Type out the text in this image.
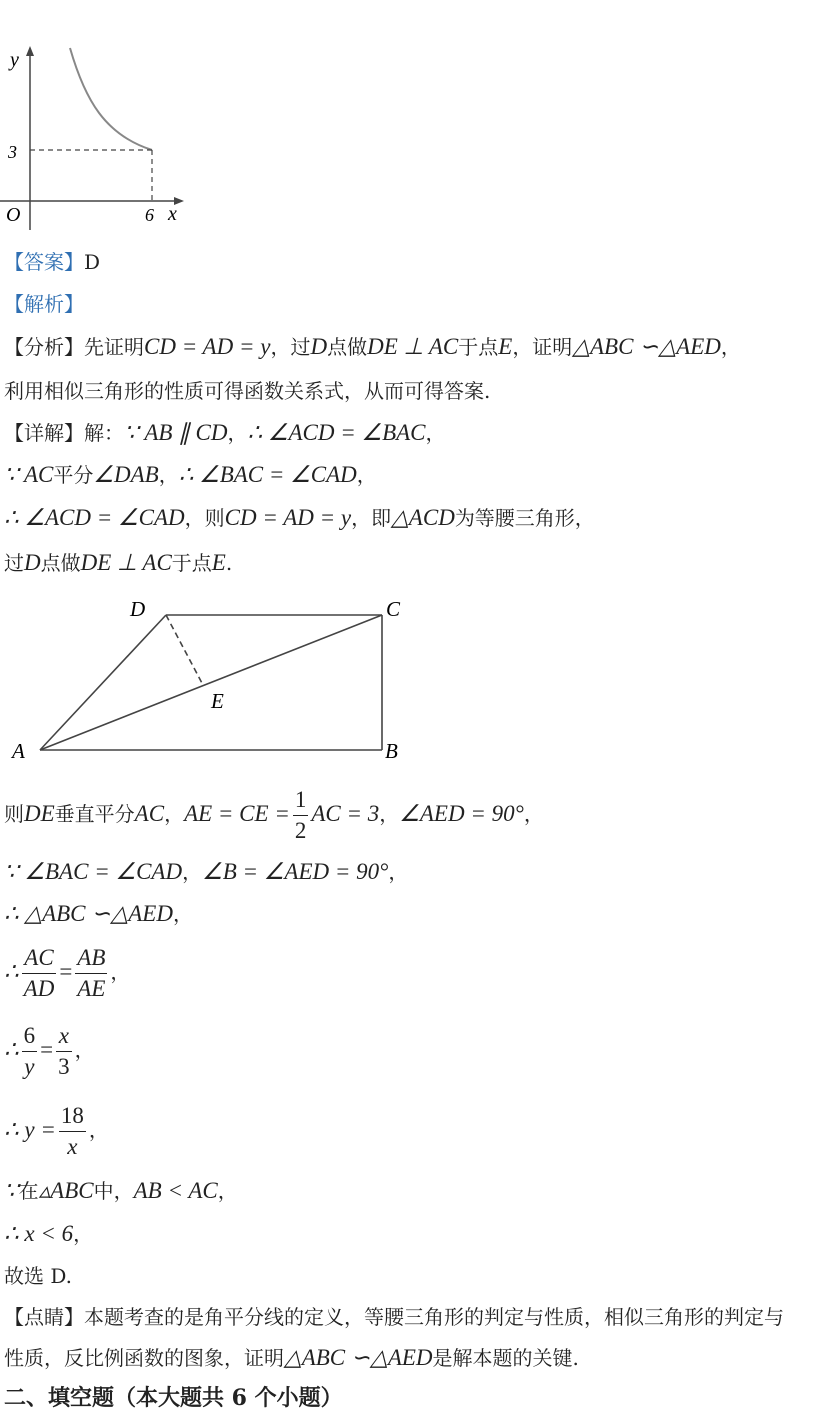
y
x
O
3
6
【答案】D
【解析】
【分析】先证明CD = AD = y，过D点做DE ⊥ AC于点E，证明△ABC ∽△AED，
利用相似三角形的性质可得函数关系式，从而可得答案.
【详解】解：∵ AB ∥ CD，∴ ∠ACD = ∠BAC，
∵ AC平分∠DAB，∴ ∠BAC = ∠CAD，
∴ ∠ACD = ∠CAD，则CD = AD = y，即△ACD为等腰三角形，
过D点做DE ⊥ AC于点E.
A	B
C
D
E
则DE垂直平分AC，AE = CE = $\frac{1}{2}$ AC = 3，∠AED = 90°，
∵ ∠BAC = ∠CAD，∠B = ∠AED = 90°，
∴ △ABC ∽△AED，
∴ $\frac{AC}{AD} = \frac{AB}{AE}$ ，
∴ $\frac{6}{y} = \frac{x}{3}$ ，
∴ $y = \frac{18}{x}$ ，
∵在▵ABC中，AB < AC，
∴ x < 6，
故选 D.
【点睛】本题考查的是角平分线的定义，等腰三角形的判定与性质，相似三角形的判定与
性质，反比例函数的图象，证明△ABC ∽△AED是解本题的关键.
二、填空题（本大题共 6 个小题）
